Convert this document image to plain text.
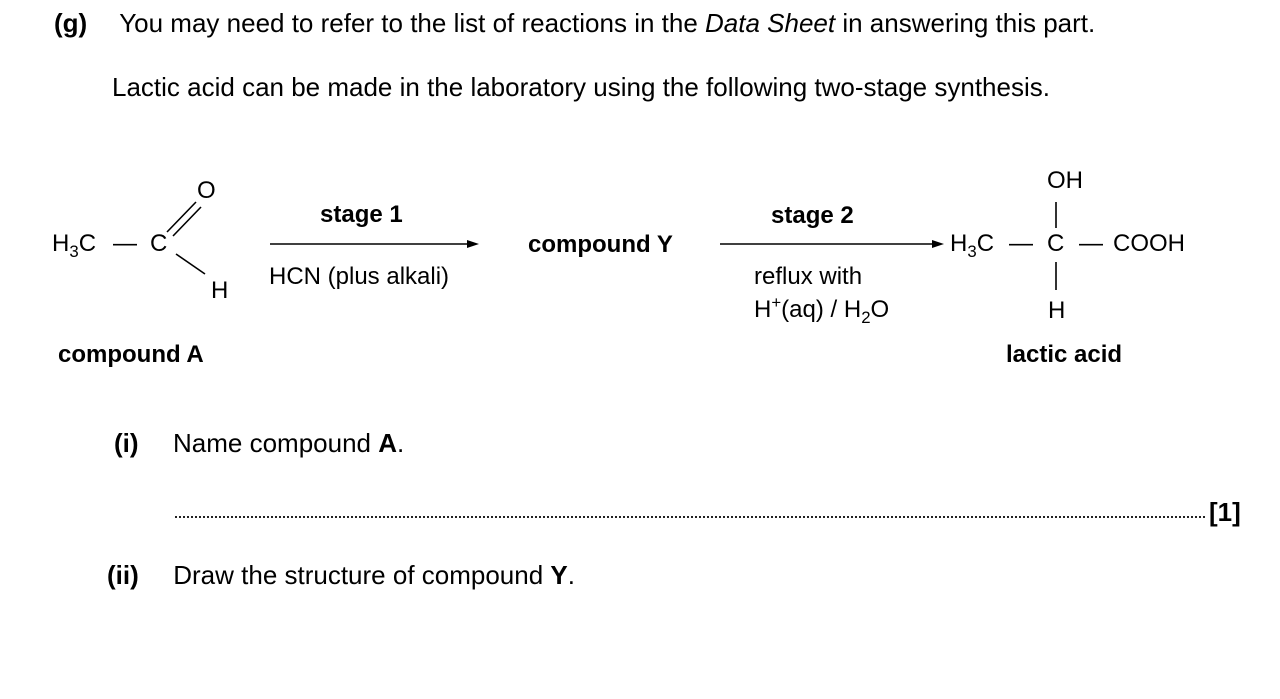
(g) You may need to refer to the list of reactions in the Data Sheet in answering this part.
Lactic acid can be made in the laboratory using the following two-stage synthesis.
$H_3C$ — C
O
H
compound A
stage 1
HCN (plus alkali)
compound Y
stage 2
reflux with
$H^+(aq) / H_2O$
OH
$H_3C$ — C — COOH
H
lactic acid
(i) Name compound A.
[1]
(ii) Draw the structure of compound Y.
